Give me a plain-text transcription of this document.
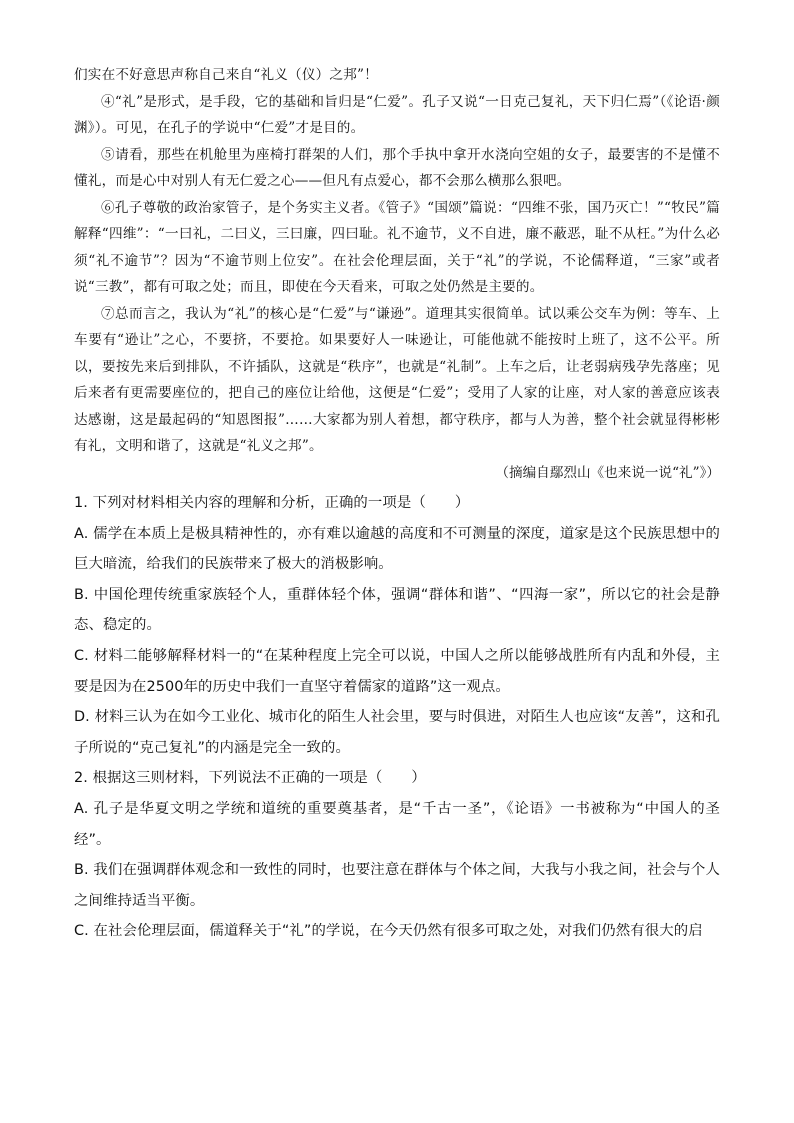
们实在不好意思声称自己来自“礼义（仪）之邦”！

④“礼”是形式，是手段，它的基础和旨归是“仁爱”。孔子又说“一日克己复礼，天下归仁焉”（《论语·颜渊》）。可见，在孔子的学说中“仁爱”才是目的。

⑤请看，那些在机舱里为座椅打群架的人们，那个手执中拿开水浇向空姐的女子，最要害的不是懂不懂礼，而是心中对别人有无仁爱之心——但凡有点爱心，都不会那么横那么狠吧。

⑥孔子尊敬的政治家管子，是个务实主义者。《管子》“国颂”篇说：“四维不张，国乃灭亡！”“牧民”篇解释“四维”：“一曰礼，二曰义，三曰廉，四曰耻。礼不逾节，义不自进，廉不蔽恶，耻不从枉。”为什么必须“礼不逾节”？因为“不逾节则上位安”。在社会伦理层面，关于“礼”的学说，不论儒释道，“三家”或者说“三教”，都有可取之处；而且，即使在今天看来，可取之处仍然是主要的。

⑦总而言之，我认为“礼”的核心是“仁爱”与“谦逊”。道理其实很简单。试以乘公交车为例：等车、上车要有“逊让”之心，不要挤，不要抢。如果要好人一味逊让，可能他就不能按时上班了，这不公平。所以，要按先来后到排队，不许插队，这就是“秩序”，也就是“礼制”。上车之后，让老弱病残孕先落座；见后来者有更需要座位的，把自己的座位让给他，这便是“仁爱”；受用了人家的让座，对人家的善意应该表达感谢，这是最起码的“知恩图报”……大家都为别人着想，都守秩序，都与人为善，整个社会就显得彬彬有礼，文明和谐了，这就是“礼义之邦”。

（摘编自鄢烈山《也来说一说“礼”》）

1. 下列对材料相关内容的理解和分析，正确的一项是（　　）

A. 儒学在本质上是极具精神性的，亦有难以逾越的高度和不可测量的深度，道家是这个民族思想中的巨大暗流，给我们的民族带来了极大的消极影响。

B. 中国伦理传统重家族轻个人，重群体轻个体，强调“群体和谐”、“四海一家”，所以它的社会是静态、稳定的。

C. 材料二能够解释材料一的“在某种程度上完全可以说，中国人之所以能够战胜所有内乱和外侵，主要是因为在2500年的历史中我们一直坚守着儒家的道路”这一观点。

D. 材料三认为在如今工业化、城市化的陌生人社会里，要与时俱进，对陌生人也应该“友善”，这和孔子所说的“克己复礼”的内涵是完全一致的。

2. 根据这三则材料，下列说法不正确的一项是（　　）

A. 孔子是华夏文明之学统和道统的重要奠基者，是“千古一圣”，《论语》一书被称为“中国人的圣经”。

B. 我们在强调群体观念和一致性的同时，也要注意在群体与个体之间，大我与小我之间，社会与个人之间维持适当平衡。

C. 在社会伦理层面，儒道释关于“礼”的学说，在今天仍然有很多可取之处，对我们仍然有很大的启
